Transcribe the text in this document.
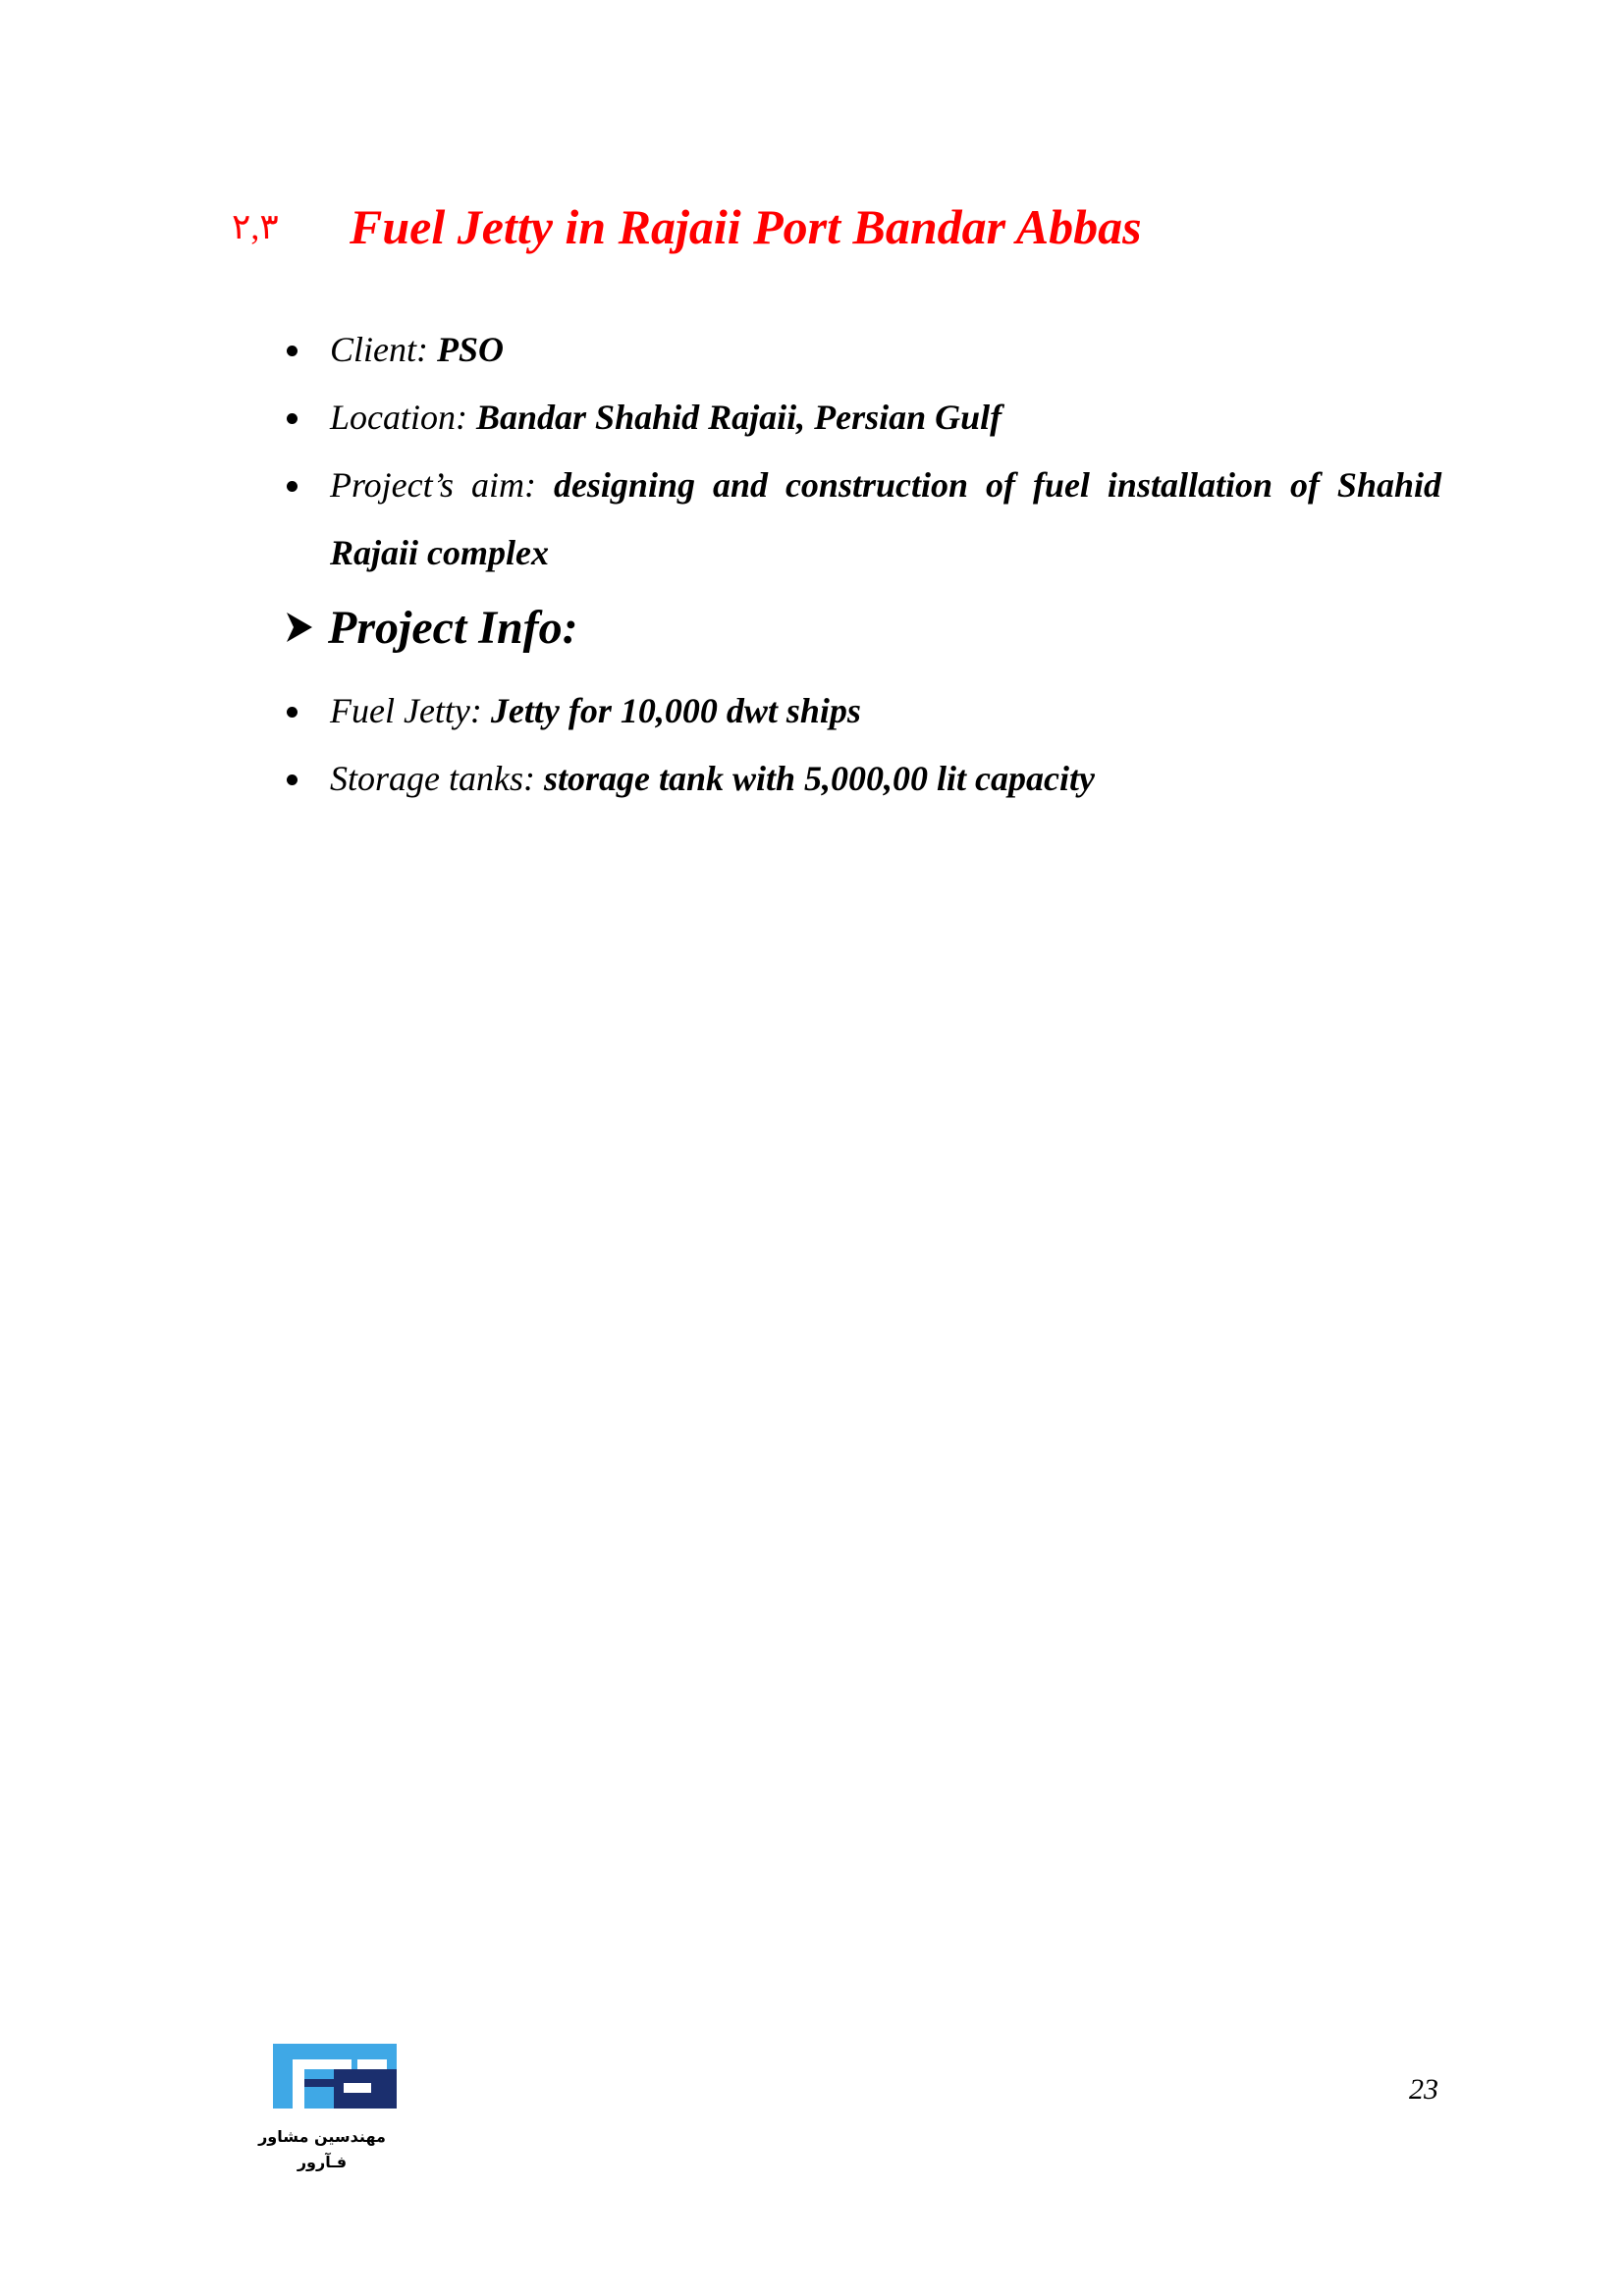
٢,٣	Fuel Jetty in Rajaii Port Bandar Abbas
Client: PSO
Location: Bandar Shahid Rajaii, Persian Gulf
Project’s aim: designing and construction of fuel installation of Shahid Rajaii complex
Project Info:
Fuel Jetty: Jetty for 10,000 dwt ships
Storage tanks: storage tank with 5,000,00 lit capacity
مهندسین مشاور
فـآرور
23
